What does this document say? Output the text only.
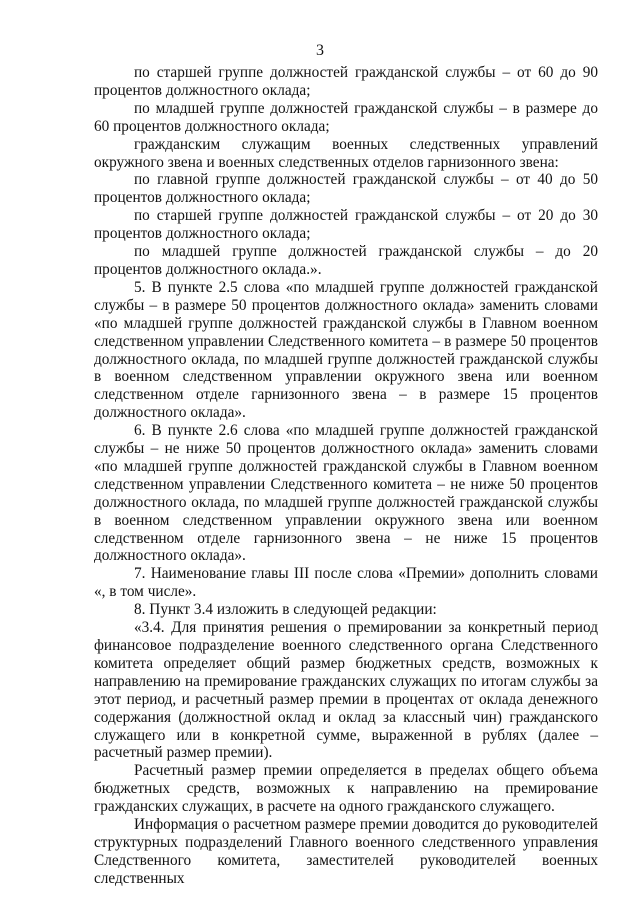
3

по старшей группе должностей гражданской службы – от 60 до 90 процентов должностного оклада;

по младшей группе должностей гражданской службы – в размере до 60 процентов должностного оклада;

гражданским служащим военных следственных управлений окружного звена и военных следственных отделов гарнизонного звена:

по главной группе должностей гражданской службы – от 40 до 50 процентов должностного оклада;

по старшей группе должностей гражданской службы – от 20 до 30 процентов должностного оклада;

по младшей группе должностей гражданской службы – до 20 процентов должностного оклада.».

5. В пункте 2.5 слова «по младшей группе должностей гражданской службы – в размере 50 процентов должностного оклада» заменить словами «по младшей группе должностей гражданской службы в Главном военном следственном управлении Следственного комитета – в размере 50 процентов должностного оклада, по младшей группе должностей гражданской службы в военном следственном управлении окружного звена или военном следственном отделе гарнизонного звена – в размере 15 процентов должностного оклада».

6. В пункте 2.6 слова «по младшей группе должностей гражданской службы – не ниже 50 процентов должностного оклада» заменить словами «по младшей группе должностей гражданской службы в Главном военном следственном управлении Следственного комитета – не ниже 50 процентов должностного оклада, по младшей группе должностей гражданской службы в военном следственном управлении окружного звена или военном следственном отделе гарнизонного звена – не ниже 15 процентов должностного оклада».

7. Наименование главы III после слова «Премии» дополнить словами «, в том числе».

8. Пункт 3.4 изложить в следующей редакции:

«3.4. Для принятия решения о премировании за конкретный период финансовое подразделение военного следственного органа Следственного комитета определяет общий размер бюджетных средств, возможных к направлению на премирование гражданских служащих по итогам службы за этот период, и расчетный размер премии в процентах от оклада денежного содержания (должностной оклад и оклад за классный чин) гражданского служащего или в конкретной сумме, выраженной в рублях (далее – расчетный размер премии).

Расчетный размер премии определяется в пределах общего объема бюджетных средств, возможных к направлению на премирование гражданских служащих, в расчете на одного гражданского служащего.

Информация о расчетном размере премии доводится до руководителей структурных подразделений Главного военного следственного управления Следственного комитета, заместителей руководителей военных следственных
